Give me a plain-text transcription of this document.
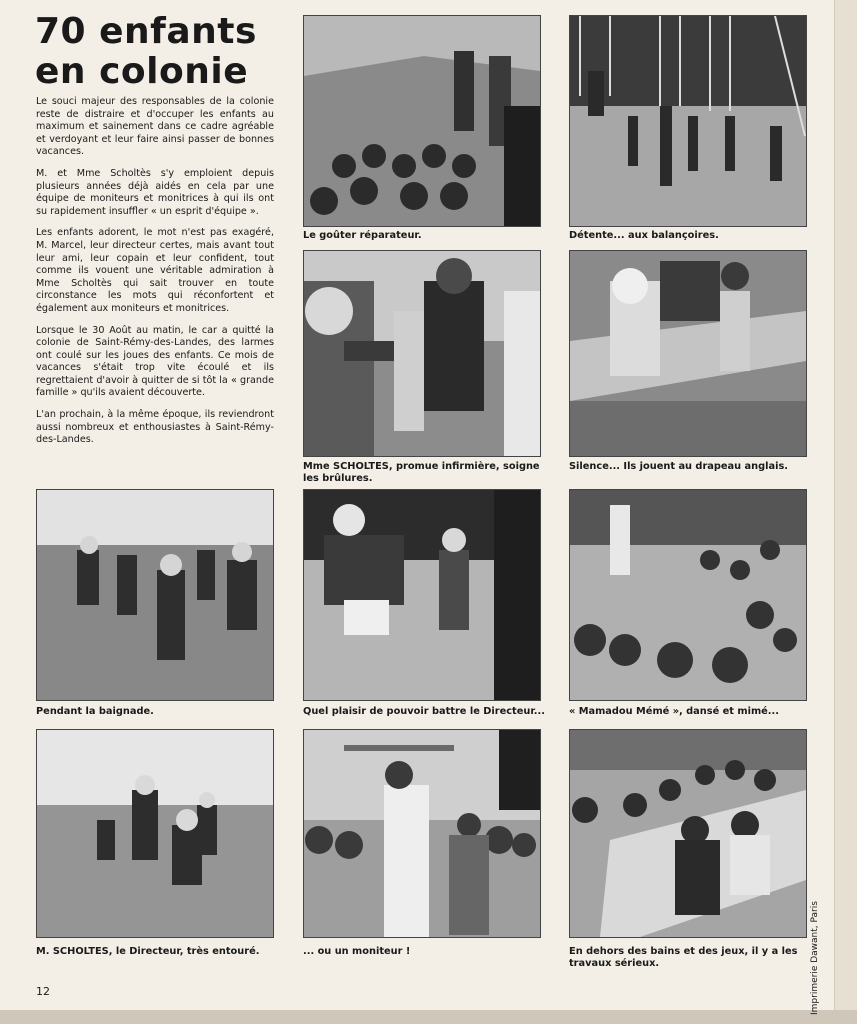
70 enfants
en colonie

Le souci majeur des responsables de la colonie reste de distraire et d'occuper les enfants au maximum et sainement dans ce cadre agréable et verdoyant et leur faire ainsi passer de bonnes vacances.

M. et Mme Scholtès s'y emploient depuis plusieurs années déjà aidés en cela par une équipe de moniteurs et monitrices à qui ils ont su rapidement insuffler « un esprit d'équipe ».

Les enfants adorent, le mot n'est pas exagéré, M. Marcel, leur directeur certes, mais avant tout leur ami, leur copain et leur confident, tout comme ils vouent une véritable admiration à Mme Scholtès qui sait trouver en toute circonstance les mots qui réconfortent et également aux moniteurs et monitrices.

Lorsque le 30 Août au matin, le car a quitté la colonie de Saint-Rémy-des-Landes, des larmes ont coulé sur les joues des enfants. Ce mois de vacances s'était trop vite écoulé et ils regrettaient d'avoir à quitter de si tôt la « grande famille » qu'ils avaient découverte.

L'an prochain, à la même époque, ils reviendront aussi nombreux et enthousiastes à Saint-Rémy-des-Landes.

Le goûter réparateur.	Détente... aux balançoires.
Mme SCHOLTES, promue infirmière, soigne les brûlures.
Silence... Ils jouent au drapeau anglais.
Pendant la baignade.	Quel plaisir de pouvoir battre le Directeur...	« Mamadou Mémé », dansé et mimé...
M. SCHOLTES, le Directeur, très entouré.	... ou un moniteur !	En dehors des bains et des jeux, il y a les travaux sérieux.	Imprimerie Dawant, Paris
12
